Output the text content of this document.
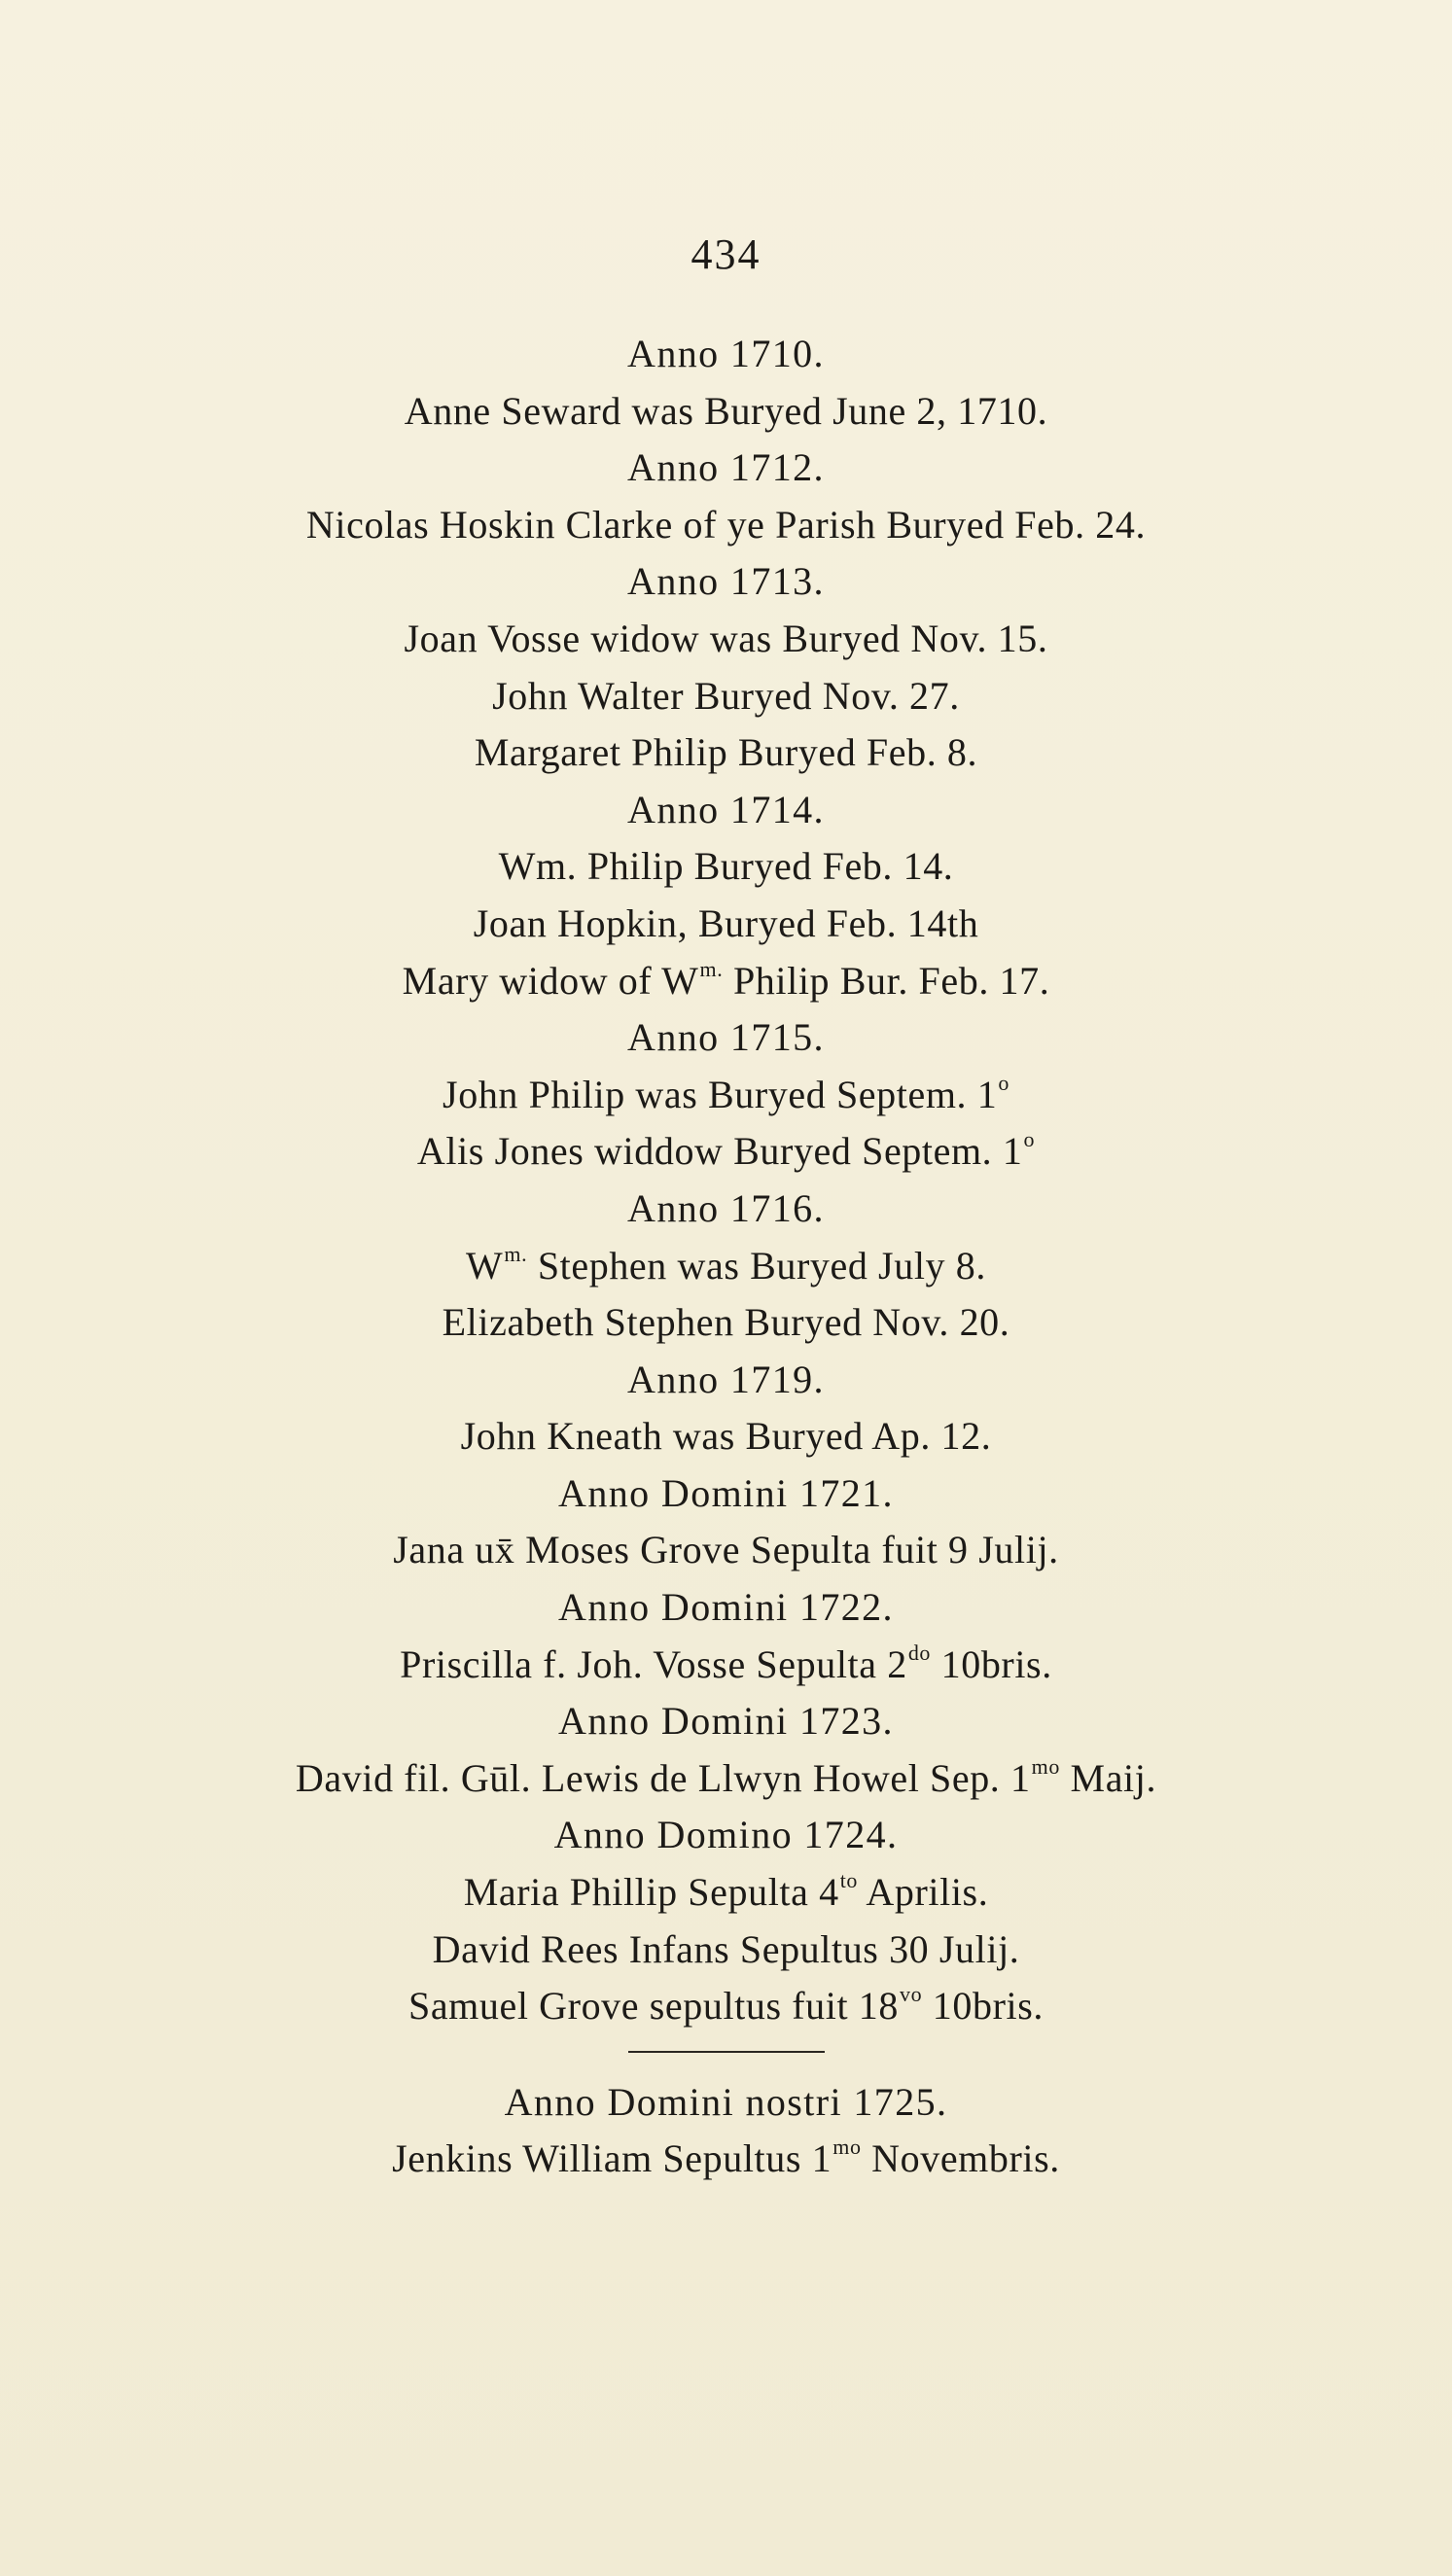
434
Anno 1710.
Anne Seward was Buryed June 2, 1710.
Anno 1712.
Nicolas Hoskin Clarke of ye Parish Buryed Feb. 24.
Anno 1713.
Joan Vosse widow was Buryed Nov. 15.
John Walter Buryed Nov. 27.
Margaret Philip Buryed Feb. 8.
Anno 1714.
Wm. Philip Buryed Feb. 14.
Joan Hopkin, Buryed Feb. 14th
Mary widow of $W^{m.}$ Philip Bur. Feb. 17.
Anno 1715.
John Philip was Buryed Septem. 1$^o$
Alis Jones widdow Buryed Septem. 1$^o$
Anno 1716.
$W^{m.}$ Stephen was Buryed July 8.
Elizabeth Stephen Buryed Nov. 20.
Anno 1719.
John Kneath was Buryed Ap. 12.
Anno Domini 1721.
Jana ux̄ Moses Grove Sepulta fuit 9 Julij.
Anno Domini 1722.
Priscilla f. Joh. Vosse Sepulta $2^{do}$ 10bris.
Anno Domini 1723.
David fil. Gūl. Lewis de Llwyn Howel Sep. $1^{mo}$ Maij.
Anno Domino 1724.
Maria Phillip Sepulta $4^{to}$ Aprilis.
David Rees Infans Sepultus 30 Julij.
Samuel Grove sepultus fuit $18^{vo}$ 10bris.
Anno Domini nostri 1725.
Jenkins William Sepultus $1^{mo}$ Novembris.
